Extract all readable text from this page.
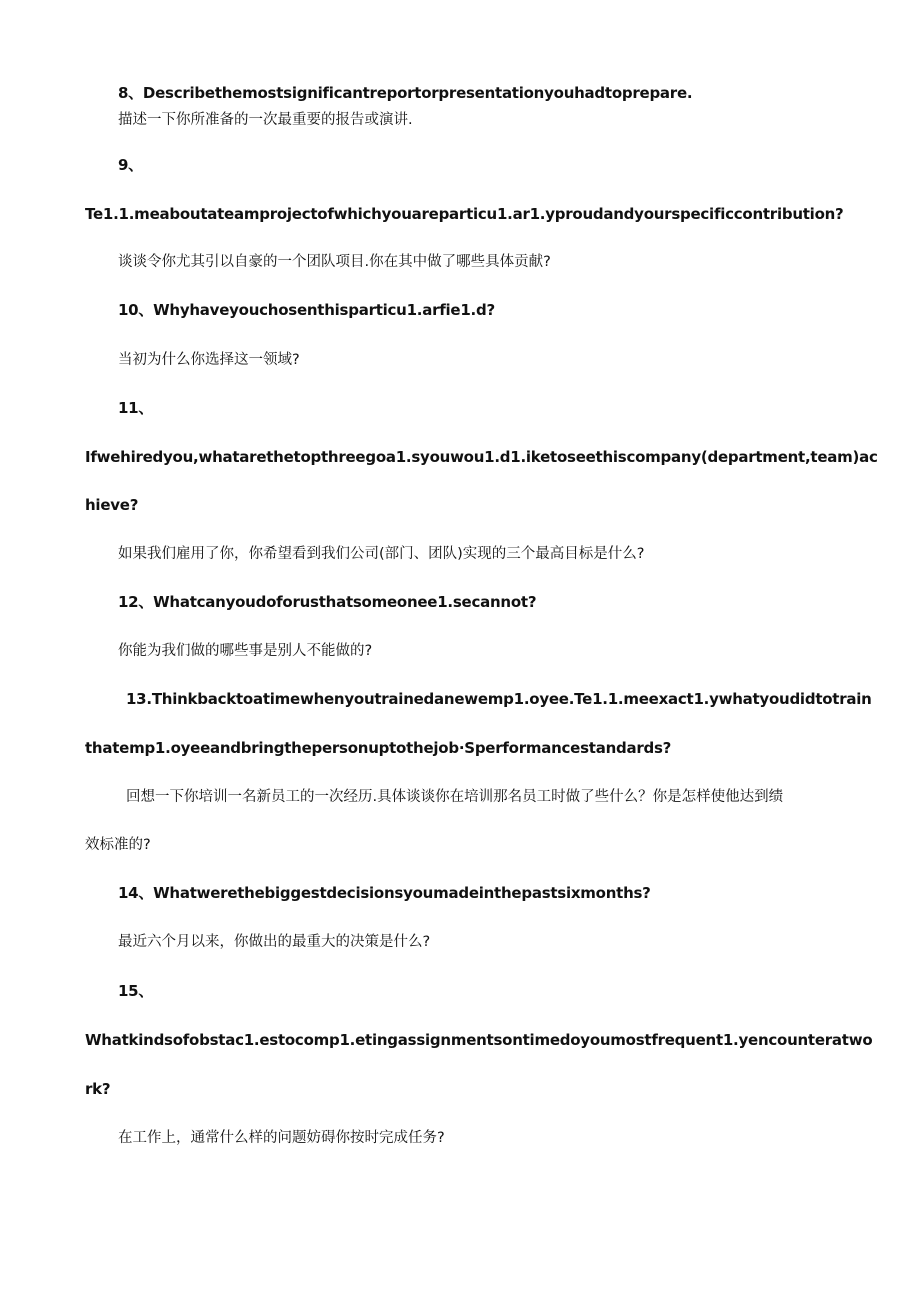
8、Describethemostsignificantreportorpresentationyouhadtoprepare.
描述一下你所准备的一次最重要的报告或演讲.
9、
Te1.1.meaboutateamprojectofwhichyouareparticu1.ar1.yproudandyourspecificcontribution?
谈谈令你尤其引以自豪的一个团队项目.你在其中做了哪些具体贡献?
10、Whyhaveyouchosenthisparticu1.arfie1.d?
当初为什么你选择这一领域?
11、
Ifwehiredyou,whatarethetopthreegoa1.syouwou1.d1.iketoseethiscompany(department,team)ac
hieve?
如果我们雇用了你，你希望看到我们公司(部门、团队)实现的三个最高目标是什么?
12、Whatcanyoudoforusthatsomeonee1.secannot?
你能为我们做的哪些事是别人不能做的?
13.Thinkbacktoatimewhenyoutrainedanewemp1.oyee.Te1.1.meexact1.ywhatyoudidtotrain
thatemp1.oyeeandbringthepersonuptothejob·Sperformancestandards?
回想一下你培训一名新员工的一次经历.具体谈谈你在培训那名员工时做了些什么？你是怎样使他达到绩
效标准的?
14、Whatwerethebiggestdecisionsyoumadeinthepastsixmonths?
最近六个月以来，你做出的最重大的决策是什么?
15、
Whatkindsofobstac1.estocomp1.etingassignmentsontimedoyoumostfrequent1.yencounteratwo
rk?
在工作上，通常什么样的问题妨碍你按时完成任务?
